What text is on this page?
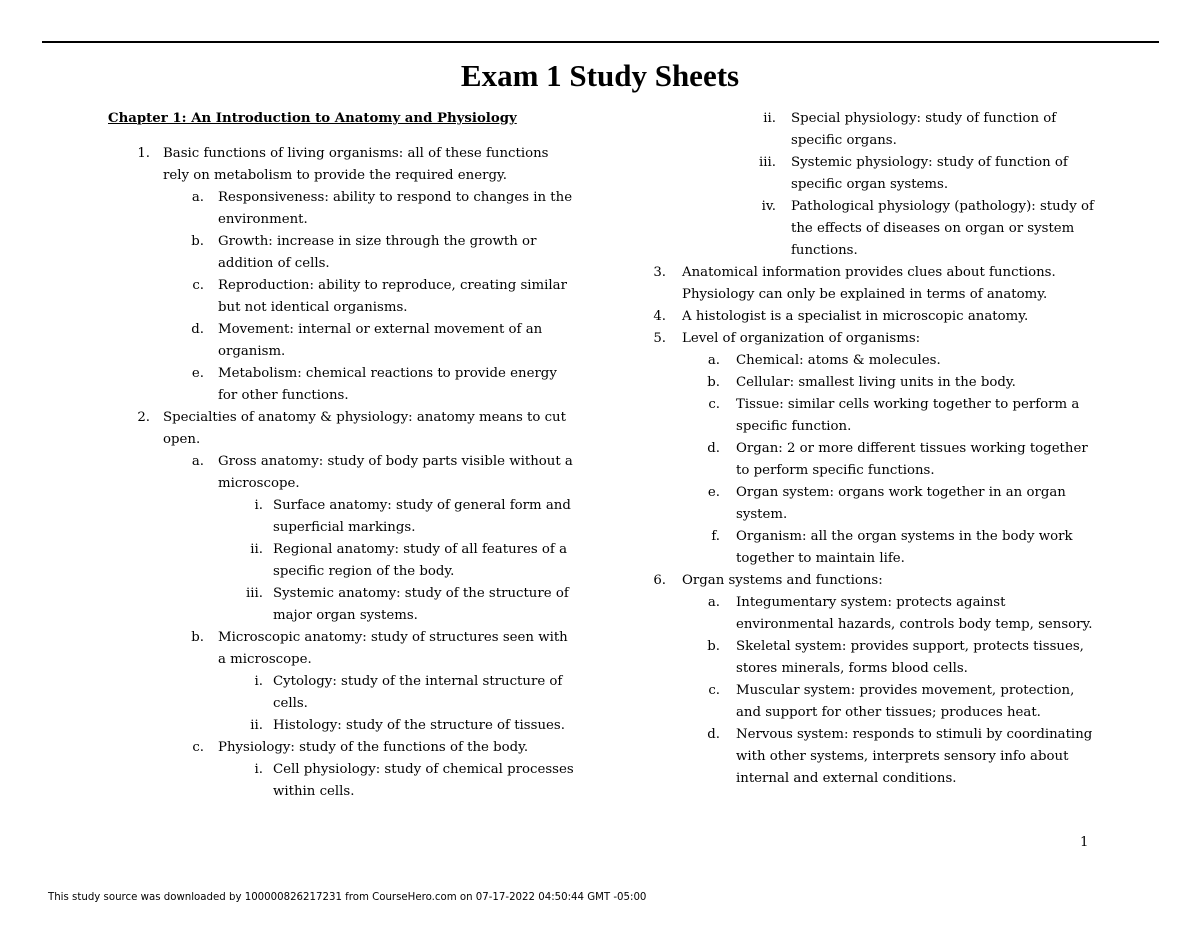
Exam 1 Study Sheets
Chapter 1: An Introduction to Anatomy and Physiology
1. Basic functions of living organisms: all of these functions rely on metabolism to provide the required energy.
a. Responsiveness: ability to respond to changes in the environment.
b. Growth: increase in size through the growth or addition of cells.
c. Reproduction: ability to reproduce, creating similar but not identical organisms.
d. Movement: internal or external movement of an organism.
e. Metabolism: chemical reactions to provide energy for other functions.
2. Specialties of anatomy & physiology: anatomy means to cut open.
a. Gross anatomy: study of body parts visible without a microscope.
i. Surface anatomy: study of general form and superficial markings.
ii. Regional anatomy: study of all features of a specific region of the body.
iii. Systemic anatomy: study of the structure of major organ systems.
b. Microscopic anatomy: study of structures seen with a microscope.
i. Cytology: study of the internal structure of cells.
ii. Histology: study of the structure of tissues.
c. Physiology: study of the functions of the body.
i. Cell physiology: study of chemical processes within cells.
ii. Special physiology: study of function of specific organs.
iii. Systemic physiology: study of function of specific organ systems.
iv. Pathological physiology (pathology): study of the effects of diseases on organ or system functions.
3. Anatomical information provides clues about functions. Physiology can only be explained in terms of anatomy.
4. A histologist is a specialist in microscopic anatomy.
5. Level of organization of organisms:
a. Chemical: atoms & molecules.
b. Cellular: smallest living units in the body.
c. Tissue: similar cells working together to perform a specific function.
d. Organ: 2 or more different tissues working together to perform specific functions.
e. Organ system: organs work together in an organ system.
f. Organism: all the organ systems in the body work together to maintain life.
6. Organ systems and functions:
a. Integumentary system: protects against environmental hazards, controls body temp, sensory.
b. Skeletal system: provides support, protects tissues, stores minerals, forms blood cells.
c. Muscular system: provides movement, protection, and support for other tissues; produces heat.
d. Nervous system: responds to stimuli by coordinating with other systems, interprets sensory info about internal and external conditions.
1
This study source was downloaded by 100000826217231 from CourseHero.com on 07-17-2022 04:50:44 GMT -05:00
